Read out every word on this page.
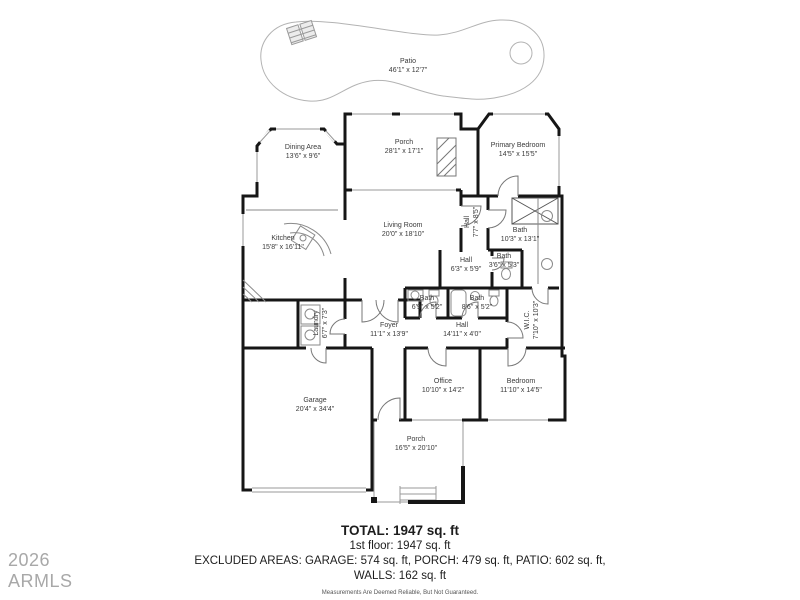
Patio
46'1" x 12'7"
Dining Area
13'6" x 9'6"
Porch
28'1" x 17'1"
Primary Bedroom
14'5" x 15'5"
Kitchen
15'8" x 16'11"
Living Room
20'0" x 18'10"
Hall 7'7" x 8'5"	Bath
10'3" x 13'1"
Hall
6'3" x 5'9"
Bath
3'6" x 5'3"
Bath
6'9" x 5'2"
Bath
8'6" x 5'2"
W.I.C. 7'10" x 10'3"
Laundry 6'7" x 7'3"	Foyer
11'1" x 13'9"
Hall
14'11" x 4'0"
Office
10'10" x 14'2"
Bedroom
11'10" x 14'5"
Garage
20'4" x 34'4"
Porch
16'5" x 20'10"
TOTAL: 1947 sq. ft
1st floor: 1947 sq. ft
EXCLUDED AREAS: GARAGE: 574 sq. ft, PORCH: 479 sq. ft, PATIO: 602 sq. ft,
WALLS: 162 sq. ft
Measurements Are Deemed Reliable, But Not Guaranteed.
2026
ARMLS
